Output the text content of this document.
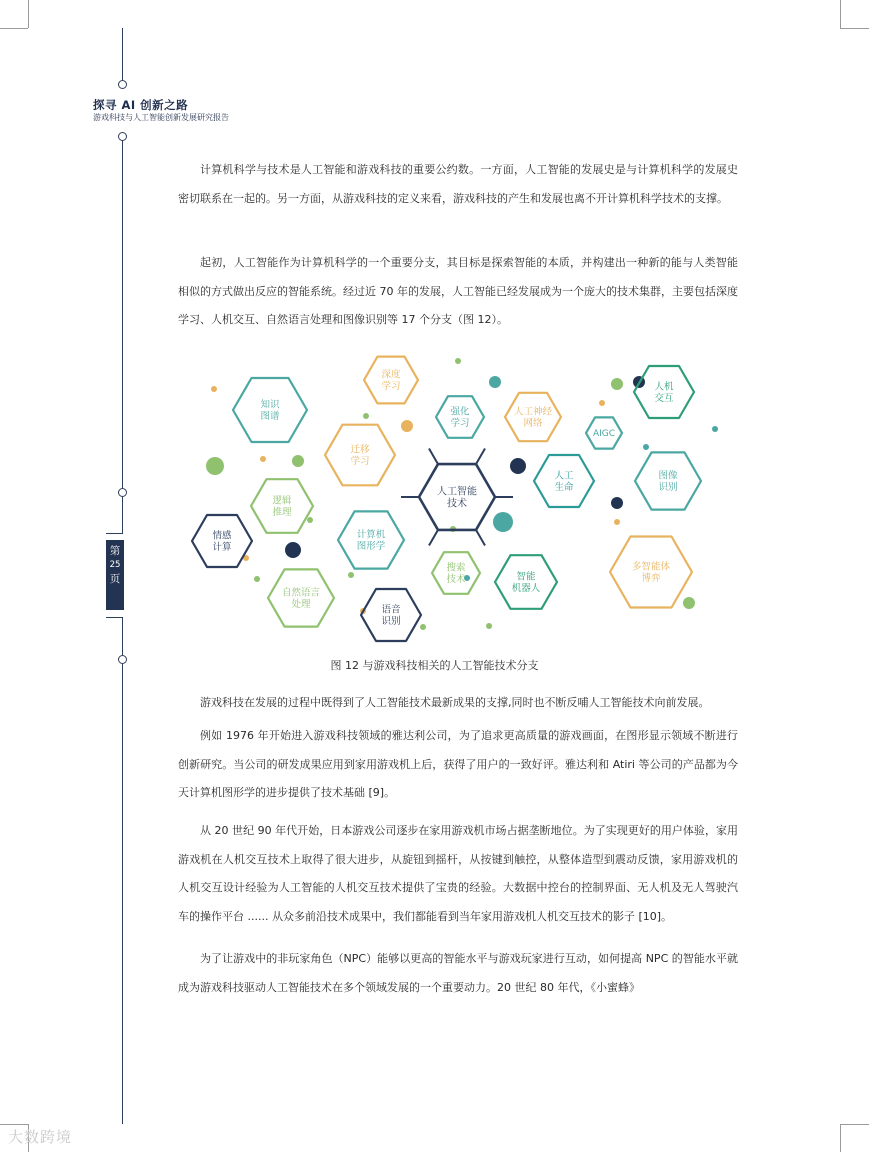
第
25
页
探寻 AI 创新之路
游戏科技与人工智能创新发展研究报告
计算机科学与技术是人工智能和游戏科技的重要公约数。一方面，人工智能的发展史是与计算机科学的发展史密切联系在一起的。另一方面，从游戏科技的定义来看，游戏科技的产生和发展也离不开计算机科学技术的支撑。
起初，人工智能作为计算机科学的一个重要分支，其目标是探索智能的本质，并构建出一种新的能与人类智能相似的方式做出反应的智能系统。经过近 70 年的发展，人工智能已经发展成为一个庞大的技术集群，主要包括深度学习、人机交互、自然语言处理和图像识别等 17 个分支（图 12）。
知识
图谱
深度
学习
强化
学习
人工神经
网络
AIGC
人机
交互
迁移
学习
人工
生命
图像
识别
逻辑
推理
计算机
图形学
情感
计算
搜索
技术	智能
机器人
多智能体
博弈
自然语言
处理	语音
识别
人工智能
技术
图 12 与游戏科技相关的人工智能技术分支
游戏科技在发展的过程中既得到了人工智能技术最新成果的支撑,同时也不断反哺人工智能技术向前发展。
例如 1976 年开始进入游戏科技领域的雅达利公司，为了追求更高质量的游戏画面，在图形显示领域不断进行创新研究。当公司的研发成果应用到家用游戏机上后，获得了用户的一致好评。雅达利和 Atiri 等公司的产品都为今天计算机图形学的进步提供了技术基础 [9]。
从 20 世纪 90 年代开始，日本游戏公司逐步在家用游戏机市场占据垄断地位。为了实现更好的用户体验，家用游戏机在人机交互技术上取得了很大进步，从旋钮到摇杆，从按键到触控，从整体造型到震动反馈，家用游戏机的人机交互设计经验为人工智能的人机交互技术提供了宝贵的经验。大数据中控台的控制界面、无人机及无人驾驶汽车的操作平台 ...... 从众多前沿技术成果中，我们都能看到当年家用游戏机人机交互技术的影子 [10]。
为了让游戏中的非玩家角色（NPC）能够以更高的智能水平与游戏玩家进行互动，如何提高 NPC 的智能水平就成为游戏科技驱动人工智能技术在多个领域发展的一个重要动力。20 世纪 80 年代，《小蜜蜂》
大数跨境
